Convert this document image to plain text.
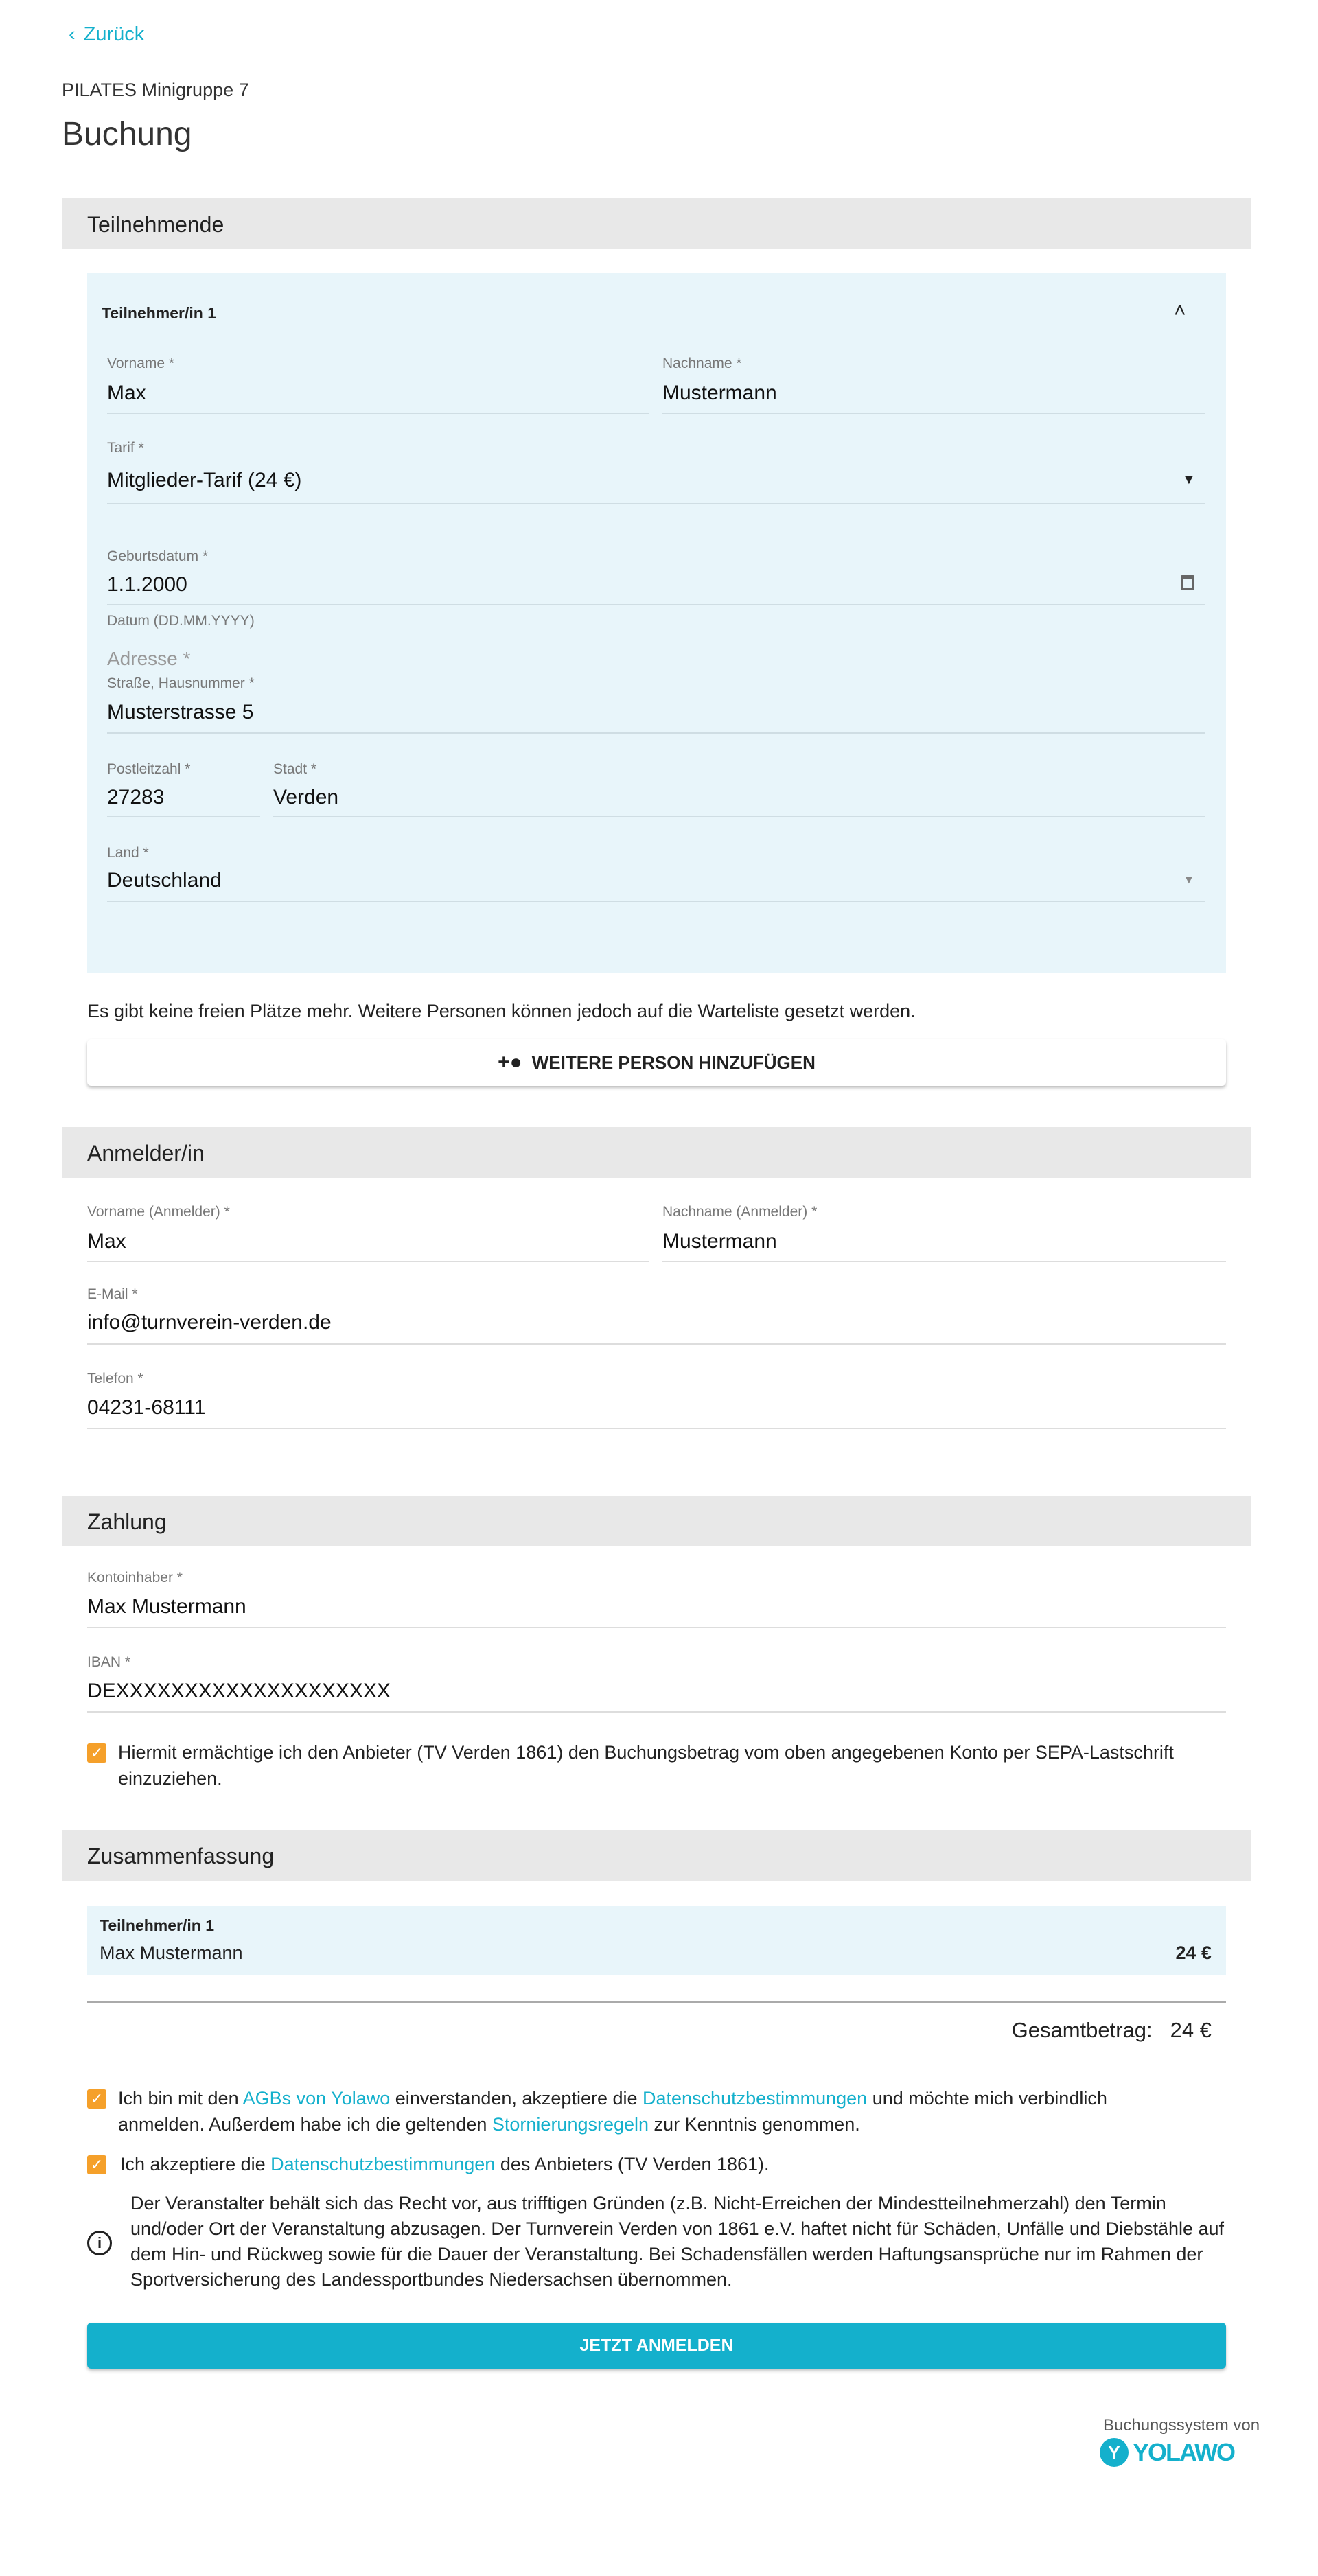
‹ Zurück
PILATES Minigruppe 7
Buchung
Teilnehmende
Teilnehmer/in 1	˄
Vorname *
Max
Nachname *
Mustermann
Tarif *
Mitglieder-Tarif (24 €)	▼
Geburtsdatum *
1.1.2000
Datum (DD.MM.YYYY)
Adresse *
Straße, Hausnummer *
Musterstrasse 5
Postleitzahl *
27283
Stadt *
Verden
Land *
Deutschland	▼
Es gibt keine freien Plätze mehr. Weitere Personen können jedoch auf die Warteliste gesetzt werden.
+● WEITERE PERSON HINZUFÜGEN
Anmelder/in
Vorname (Anmelder) *
Max
Nachname (Anmelder) *
Mustermann
E-Mail *
info@turnverein-verden.de
Telefon *
04231-68111
Zahlung
Kontoinhaber *
Max Mustermann
IBAN *
DEXXXXXXXXXXXXXXXXXXXX
✓ Hiermit ermächtige ich den Anbieter (TV Verden 1861) den Buchungsbetrag vom oben angegebenen Konto per SEPA-Lastschrift einzuziehen.
Zusammenfassung
Teilnehmer/in 1
Max Mustermann	24 €
Gesamtbetrag: 24 €
✓ Ich bin mit den AGBs von Yolawo einverstanden, akzeptiere die Datenschutzbestimmungen und möchte mich verbindlich anmelden. Außerdem habe ich die geltenden Stornierungsregeln zur Kenntnis genommen.
✓ Ich akzeptiere die Datenschutzbestimmungen des Anbieters (TV Verden 1861).
i
Der Veranstalter behält sich das Recht vor, aus trifftigen Gründen (z.B. Nicht-Erreichen der Mindestteilnehmerzahl) den Termin und/oder Ort der Veranstaltung abzusagen. Der Turnverein Verden von 1861 e.V. haftet nicht für Schäden, Unfälle und Diebstähle auf dem Hin- und Rückweg sowie für die Dauer der Veranstaltung. Bei Schadensfällen werden Haftungsansprüche nur im Rahmen der Sportversicherung des Landessportbundes Niedersachsen übernommen.
JETZT ANMELDEN
Buchungssystem von
Y YOLAWO
